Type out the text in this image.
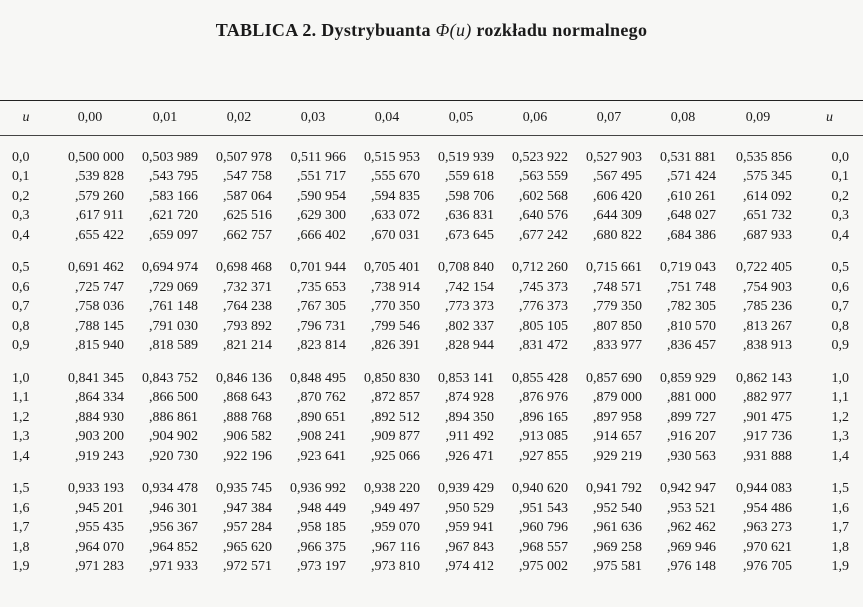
TABLICA 2. Dystrybuanta Φ(u) rozkładu normalnego
u	0,00	0,01	0,02	0,03	0,04	0,05	0,06	0,07	0,08	0,09	u

0,0	0,500 000	0,503 989	0,507 978	0,511 966	0,515 953	0,519 939	0,523 922	0,527 903	0,531 881	0,535 856	0,0
0,1	,539 828	,543 795	,547 758	,551 717	,555 670	,559 618	,563 559	,567 495	,571 424	,575 345	0,1
0,2	,579 260	,583 166	,587 064	,590 954	,594 835	,598 706	,602 568	,606 420	,610 261	,614 092	0,2
0,3	,617 911	,621 720	,625 516	,629 300	,633 072	,636 831	,640 576	,644 309	,648 027	,651 732	0,3
0,4	,655 422	,659 097	,662 757	,666 402	,670 031	,673 645	,677 242	,680 822	,684 386	,687 933	0,4

0,5	0,691 462	0,694 974	0,698 468	0,701 944	0,705 401	0,708 840	0,712 260	0,715 661	0,719 043	0,722 405	0,5
0,6	,725 747	,729 069	,732 371	,735 653	,738 914	,742 154	,745 373	,748 571	,751 748	,754 903	0,6
0,7	,758 036	,761 148	,764 238	,767 305	,770 350	,773 373	,776 373	,779 350	,782 305	,785 236	0,7
0,8	,788 145	,791 030	,793 892	,796 731	,799 546	,802 337	,805 105	,807 850	,810 570	,813 267	0,8
0,9	,815 940	,818 589	,821 214	,823 814	,826 391	,828 944	,831 472	,833 977	,836 457	,838 913	0,9

1,0	0,841 345	0,843 752	0,846 136	0,848 495	0,850 830	0,853 141	0,855 428	0,857 690	0,859 929	0,862 143	1,0
1,1	,864 334	,866 500	,868 643	,870 762	,872 857	,874 928	,876 976	,879 000	,881 000	,882 977	1,1
1,2	,884 930	,886 861	,888 768	,890 651	,892 512	,894 350	,896 165	,897 958	,899 727	,901 475	1,2
1,3	,903 200	,904 902	,906 582	,908 241	,909 877	,911 492	,913 085	,914 657	,916 207	,917 736	1,3
1,4	,919 243	,920 730	,922 196	,923 641	,925 066	,926 471	,927 855	,929 219	,930 563	,931 888	1,4

1,5	0,933 193	0,934 478	0,935 745	0,936 992	0,938 220	0,939 429	0,940 620	0,941 792	0,942 947	0,944 083	1,5
1,6	,945 201	,946 301	,947 384	,948 449	,949 497	,950 529	,951 543	,952 540	,953 521	,954 486	1,6
1,7	,955 435	,956 367	,957 284	,958 185	,959 070	,959 941	,960 796	,961 636	,962 462	,963 273	1,7
1,8	,964 070	,964 852	,965 620	,966 375	,967 116	,967 843	,968 557	,969 258	,969 946	,970 621	1,8
1,9	,971 283	,971 933	,972 571	,973 197	,973 810	,974 412	,975 002	,975 581	,976 148	,976 705	1,9
